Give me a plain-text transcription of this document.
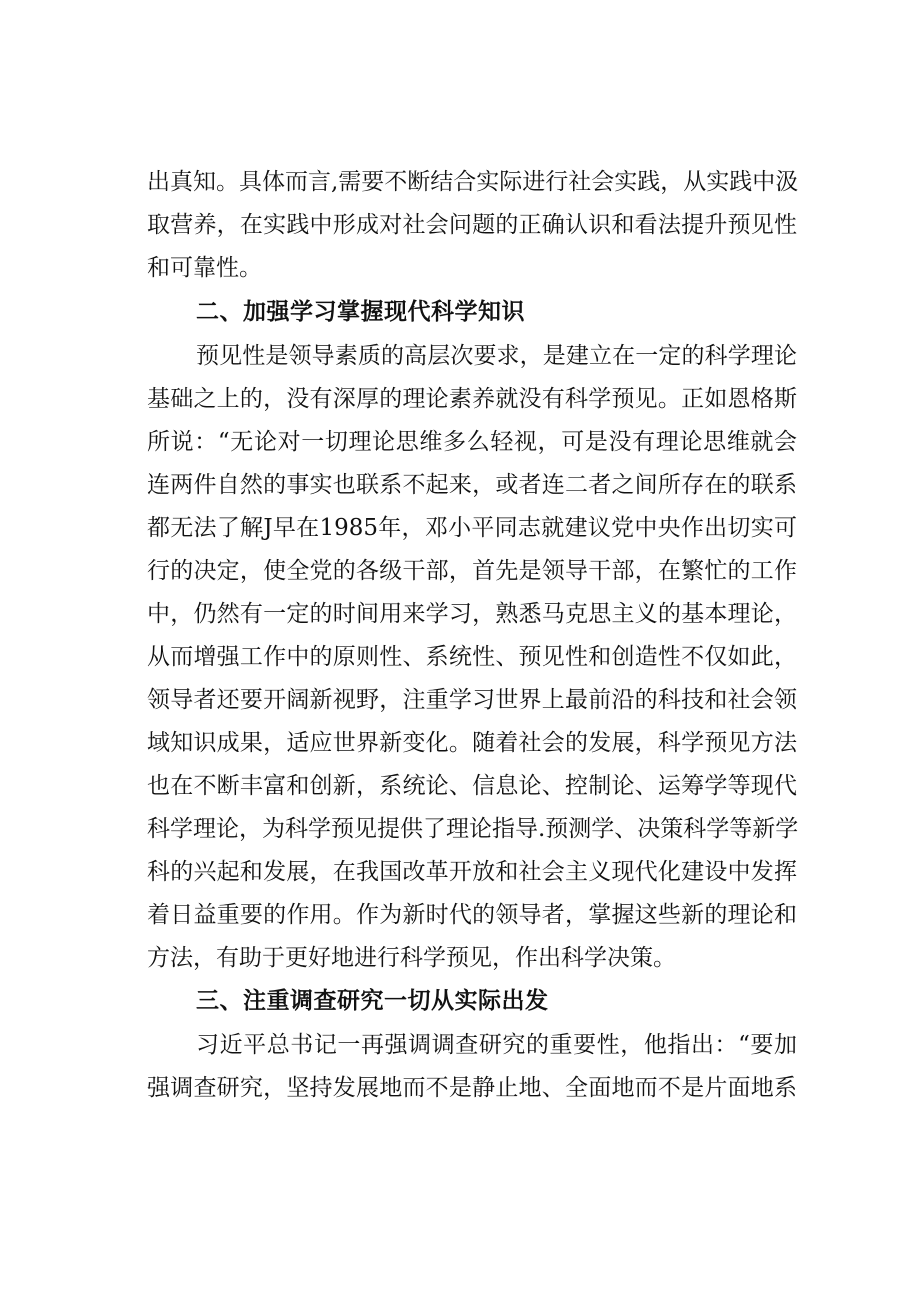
出真知。具体而言,需要不断结合实际进行社会实践，从实践中汲
取营养，在实践中形成对社会问题的正确认识和看法提升预见性
和可靠性。
二、加强学习掌握现代科学知识
预见性是领导素质的高层次要求，是建立在一定的科学理论
基础之上的，没有深厚的理论素养就没有科学预见。正如恩格斯
所说：“无论对一切理论思维多么轻视，可是没有理论思维就会
连两件自然的事实也联系不起来，或者连二者之间所存在的联系
都无法了解J早在1985年，邓小平同志就建议党中央作出切实可
行的决定，使全党的各级干部，首先是领导干部，在繁忙的工作
中，仍然有一定的时间用来学习，熟悉马克思主义的基本理论，
从而增强工作中的原则性、系统性、预见性和创造性不仅如此，
领导者还要开阔新视野，注重学习世界上最前沿的科技和社会领
域知识成果，适应世界新变化。随着社会的发展，科学预见方法
也在不断丰富和创新，系统论、信息论、控制论、运筹学等现代
科学理论，为科学预见提供了理论指导.预测学、决策科学等新学
科的兴起和发展，在我国改革开放和社会主义现代化建设中发挥
着日益重要的作用。作为新时代的领导者，掌握这些新的理论和
方法，有助于更好地进行科学预见，作出科学决策。
三、注重调查研究一切从实际出发
习近平总书记一再强调调查研究的重要性，他指出：“要加
强调查研究，坚持发展地而不是静止地、全面地而不是片面地系
